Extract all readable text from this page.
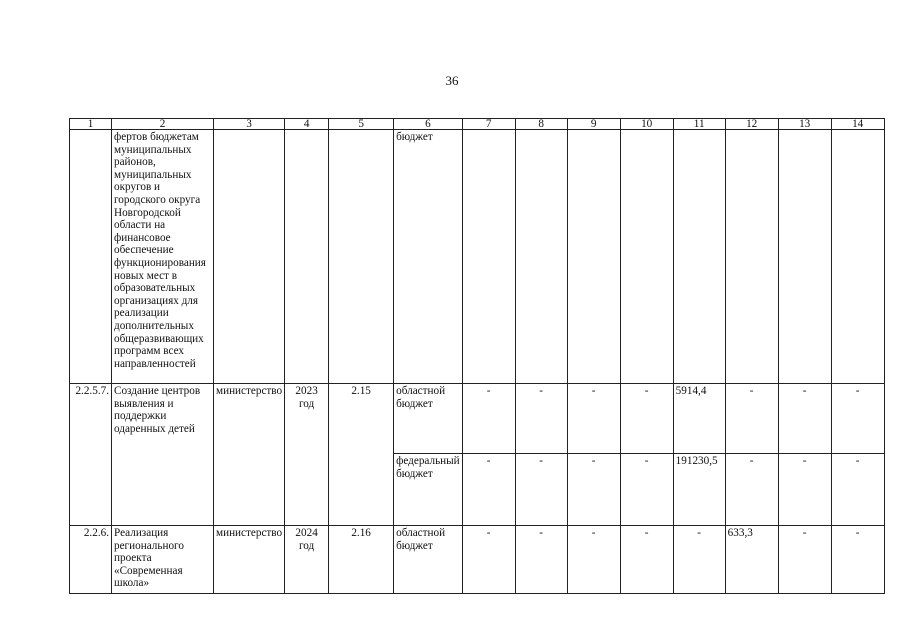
36
1	2	3	4	5	6	7	8	9	10	11	12	13	14
	фертов бюджетам муниципальных районов, муниципальных округов и городского округа Новгородской области на финансовое обеспечение функционирования новых мест в образовательных организациях для реализации дополнительных общеразвивающих программ всех направленностей				бюджет								
2.2.5.7.	Создание центров выявления и поддержки одаренных детей	министерство	2023 год	2.15	областной бюджет	-	-	-	-	5914,4	-	-	-
					федеральный бюджет	-	-	-	-	191230,5	-	-	-
2.2.6.	Реализация регионального проекта «Современная школа»	министерство	2024 год	2.16	областной бюджет	-	-	-	-	-	633,3	-	-
